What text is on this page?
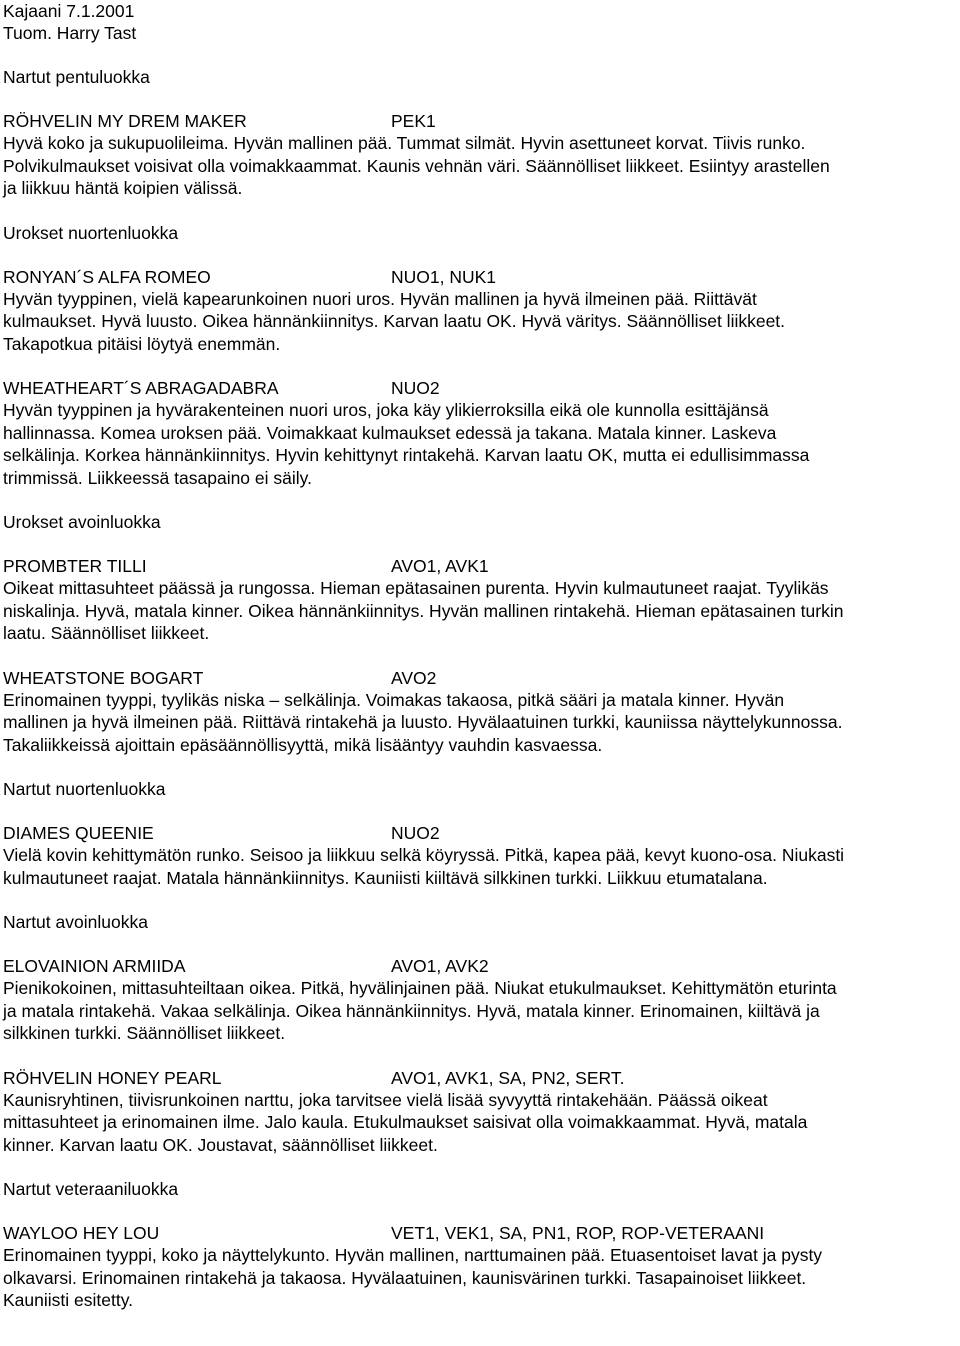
Kajaani 7.1.2001
Tuom. Harry Tast
Nartut pentuluokka
RÖHVELIN MY DREM MAKER	PEK1
Hyvä koko ja sukupuolileima. Hyvän mallinen pää. Tummat silmät. Hyvin asettuneet korvat. Tiivis runko.
Polvikulmaukset voisivat olla voimakkaammat. Kaunis vehnän väri. Säännölliset liikkeet. Esiintyy arastellen
ja liikkuu häntä koipien välissä.
Urokset nuortenluokka
RONYAN´S ALFA ROMEO	NUO1, NUK1
Hyvän tyyppinen, vielä kapearunkoinen nuori uros. Hyvän mallinen ja hyvä ilmeinen pää. Riittävät
kulmaukset. Hyvä luusto. Oikea hännänkiinnitys. Karvan laatu OK. Hyvä väritys. Säännölliset liikkeet.
Takapotkua pitäisi löytyä enemmän.
WHEATHEART´S ABRAGADABRA	NUO2
Hyvän tyyppinen ja hyvärakenteinen nuori uros, joka käy ylikierroksilla eikä ole kunnolla esittäjänsä
hallinnassa. Komea uroksen pää. Voimakkaat kulmaukset edessä ja takana. Matala kinner. Laskeva
selkälinja. Korkea hännänkiinnitys. Hyvin kehittynyt rintakehä. Karvan laatu OK, mutta ei edullisimmassa
trimmissä. Liikkeessä tasapaino ei säily.
Urokset avoinluokka
PROMBTER TILLI	AVO1, AVK1
Oikeat mittasuhteet päässä ja rungossa. Hieman epätasainen purenta. Hyvin kulmautuneet raajat. Tyylikäs
niskalinja. Hyvä, matala kinner. Oikea hännänkiinnitys. Hyvän mallinen rintakehä. Hieman epätasainen turkin
laatu. Säännölliset liikkeet.
WHEATSTONE BOGART	AVO2
Erinomainen tyyppi, tyylikäs niska – selkälinja. Voimakas takaosa, pitkä sääri ja matala kinner. Hyvän
mallinen ja hyvä ilmeinen pää. Riittävä rintakehä ja luusto. Hyvälaatuinen turkki, kauniissa näyttelykunnossa.
Takaliikkeissä ajoittain epäsäännöllisyyttä, mikä lisääntyy vauhdin kasvaessa.
Nartut nuortenluokka
DIAMES QUEENIE	NUO2
Vielä kovin kehittymätön runko. Seisoo ja liikkuu selkä köyryssä. Pitkä, kapea pää, kevyt kuono-osa. Niukasti
kulmautuneet raajat. Matala hännänkiinnitys. Kauniisti kiiltävä silkkinen turkki. Liikkuu etumatalana.
Nartut avoinluokka
ELOVAINION ARMIIDA	AVO1, AVK2
Pienikokoinen, mittasuhteiltaan oikea. Pitkä, hyvälinjainen pää. Niukat etukulmaukset. Kehittymätön eturinta
ja matala rintakehä. Vakaa selkälinja. Oikea hännänkiinnitys. Hyvä, matala kinner. Erinomainen, kiiltävä ja
silkkinen turkki. Säännölliset liikkeet.
RÖHVELIN HONEY PEARL	AVO1, AVK1, SA, PN2, SERT.
Kaunisryhtinen, tiivisrunkoinen narttu, joka tarvitsee vielä lisää syvyyttä rintakehään. Päässä oikeat
mittasuhteet ja erinomainen ilme. Jalo kaula. Etukulmaukset saisivat olla voimakkaammat. Hyvä, matala
kinner. Karvan laatu OK. Joustavat, säännölliset liikkeet.
Nartut veteraaniluokka
WAYLOO HEY LOU	VET1, VEK1, SA, PN1, ROP, ROP-VETERAANI
Erinomainen tyyppi, koko ja näyttelykunto. Hyvän mallinen, narttumainen pää. Etuasentoiset lavat ja pysty
olkavarsi. Erinomainen rintakehä ja takaosa. Hyvälaatuinen, kaunisvärinen turkki. Tasapainoiset liikkeet.
Kauniisti esitetty.
